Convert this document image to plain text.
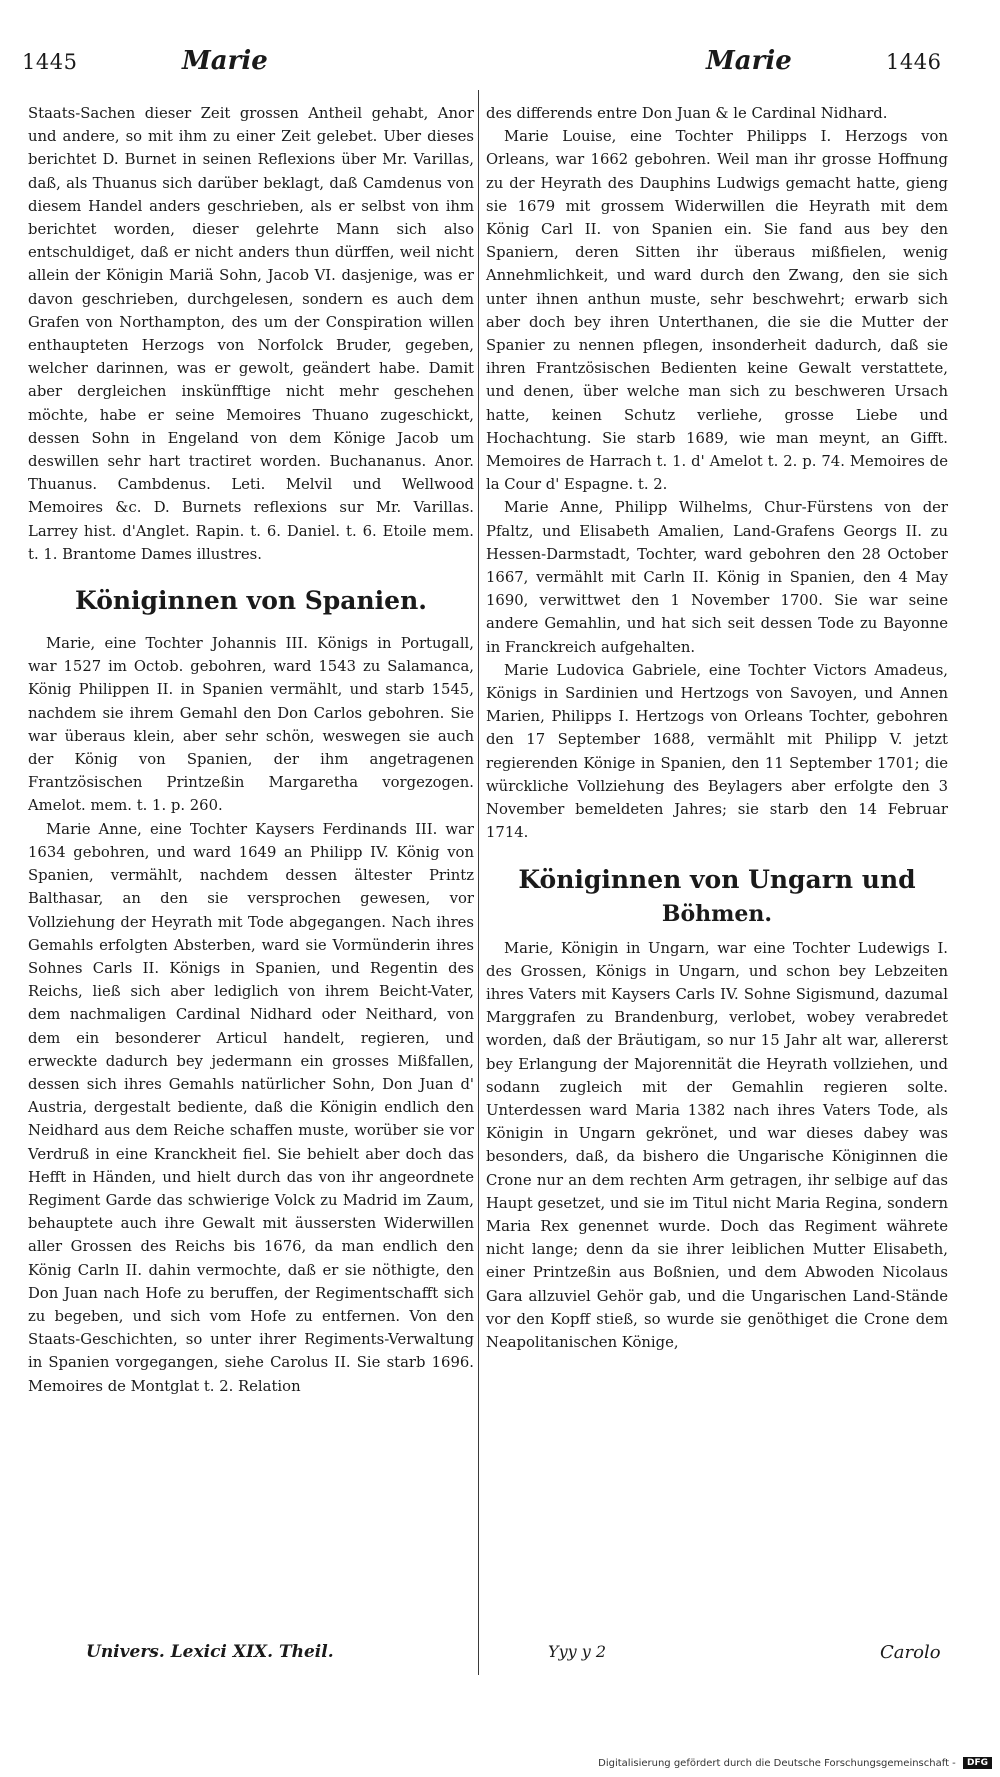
1445	Marie	Marie	1446

Staats-Sachen dieser Zeit grossen Antheil gehabt, Anor und andere, so mit ihm zu einer Zeit gelebet. Uber dieses berichtet D. Burnet in seinen Reflexions über Mr. Varillas, daß, als Thuanus sich darüber beklagt, daß Camdenus von diesem Handel anders geschrieben, als er selbst von ihm berichtet worden, dieser gelehrte Mann sich also entschuldiget, daß er nicht anders thun dürffen, weil nicht allein der Königin Mariä Sohn, Jacob VI. dasjenige, was er davon geschrieben, durchgelesen, sondern es auch dem Grafen von Northampton, des um der Conspiration willen enthaupteten Herzogs von Norfolck Bruder, gegeben, welcher darinnen, was er gewolt, geändert habe. Damit aber dergleichen inskünfftige nicht mehr geschehen möchte, habe er seine Memoires Thuano zugeschickt, dessen Sohn in Engeland von dem Könige Jacob um deswillen sehr hart tractiret worden. Buchananus. Anor. Thuanus. Cambdenus. Leti. Melvil und Wellwood Memoires &c. D. Burnets reflexions sur Mr. Varillas. Larrey hist. d'Anglet. Rapin. t. 6. Daniel. t. 6. Etoile mem. t. 1. Brantome Dames illustres.

Königinnen von Spanien.

Marie, eine Tochter Johannis III. Königs in Portugall, war 1527 im Octob. gebohren, ward 1543 zu Salamanca, König Philippen II. in Spanien vermählt, und starb 1545, nachdem sie ihrem Gemahl den Don Carlos gebohren. Sie war überaus klein, aber sehr schön, weswegen sie auch der König von Spanien, der ihm angetragenen Frantzösischen Printzeßin Margaretha vorgezogen. Amelot. mem. t. 1. p. 260.

Marie Anne, eine Tochter Kaysers Ferdinands III. war 1634 gebohren, und ward 1649 an Philipp IV. König von Spanien, vermählt, nachdem dessen ältester Printz Balthasar, an den sie versprochen gewesen, vor Vollziehung der Heyrath mit Tode abgegangen. Nach ihres Gemahls erfolgten Absterben, ward sie Vormünderin ihres Sohnes Carls II. Königs in Spanien, und Regentin des Reichs, ließ sich aber lediglich von ihrem Beicht-Vater, dem nachmaligen Cardinal Nidhard oder Neithard, von dem ein besonderer Articul handelt, regieren, und erweckte dadurch bey jedermann ein grosses Mißfallen, dessen sich ihres Gemahls natürlicher Sohn, Don Juan d' Austria, dergestalt bediente, daß die Königin endlich den Neidhard aus dem Reiche schaffen muste, worüber sie vor Verdruß in eine Kranckheit fiel. Sie behielt aber doch das Hefft in Händen, und hielt durch das von ihr angeordnete Regiment Garde das schwierige Volck zu Madrid im Zaum, behauptete auch ihre Gewalt mit äussersten Widerwillen aller Grossen des Reichs bis 1676, da man endlich den König Carln II. dahin vermochte, daß er sie nöthigte, den Don Juan nach Hofe zu beruffen, der Regimentschafft sich zu begeben, und sich vom Hofe zu entfernen. Von den Staats-Geschichten, so unter ihrer Regiments-Verwaltung in Spanien vorgegangen, siehe Carolus II. Sie starb 1696. Memoires de Montglat t. 2. Relation

des differends entre Don Juan & le Cardinal Nidhard.

Marie Louise, eine Tochter Philipps I. Herzogs von Orleans, war 1662 gebohren. Weil man ihr grosse Hoffnung zu der Heyrath des Dauphins Ludwigs gemacht hatte, gieng sie 1679 mit grossem Widerwillen die Heyrath mit dem König Carl II. von Spanien ein. Sie fand aus bey den Spaniern, deren Sitten ihr überaus mißfielen, wenig Annehmlichkeit, und ward durch den Zwang, den sie sich unter ihnen anthun muste, sehr beschwehrt; erwarb sich aber doch bey ihren Unterthanen, die sie die Mutter der Spanier zu nennen pflegen, insonderheit dadurch, daß sie ihren Frantzösischen Bedienten keine Gewalt verstattete, und denen, über welche man sich zu beschweren Ursach hatte, keinen Schutz verliehe, grosse Liebe und Hochachtung. Sie starb 1689, wie man meynt, an Gifft. Memoires de Harrach t. 1. d' Amelot t. 2. p. 74. Memoires de la Cour d' Espagne. t. 2.

Marie Anne, Philipp Wilhelms, Chur-Fürstens von der Pfaltz, und Elisabeth Amalien, Land-Grafens Georgs II. zu Hessen-Darmstadt, Tochter, ward gebohren den 28 October 1667, vermählt mit Carln II. König in Spanien, den 4 May 1690, verwittwet den 1 November 1700. Sie war seine andere Gemahlin, und hat sich seit dessen Tode zu Bayonne in Franckreich aufgehalten.

Marie Ludovica Gabriele, eine Tochter Victors Amadeus, Königs in Sardinien und Hertzogs von Savoyen, und Annen Marien, Philipps I. Hertzogs von Orleans Tochter, gebohren den 17 September 1688, vermählt mit Philipp V. jetzt regierenden Könige in Spanien, den 11 September 1701; die würckliche Vollziehung des Beylagers aber erfolgte den 3 November bemeldeten Jahres; sie starb den 14 Februar 1714.

Königinnen von Ungarn und
Böhmen.

Marie, Königin in Ungarn, war eine Tochter Ludewigs I. des Grossen, Königs in Ungarn, und schon bey Lebzeiten ihres Vaters mit Kaysers Carls IV. Sohne Sigismund, dazumal Marggrafen zu Brandenburg, verlobet, wobey verabredet worden, daß der Bräutigam, so nur 15 Jahr alt war, allererst bey Erlangung der Majorennität die Heyrath vollziehen, und sodann zugleich mit der Gemahlin regieren solte. Unterdessen ward Maria 1382 nach ihres Vaters Tode, als Königin in Ungarn gekrönet, und war dieses dabey was besonders, daß, da bishero die Ungarische Königinnen die Crone nur an dem rechten Arm getragen, ihr selbige auf das Haupt gesetzet, und sie im Titul nicht Maria Regina, sondern Maria Rex genennet wurde. Doch das Regiment währete nicht lange; denn da sie ihrer leiblichen Mutter Elisabeth, einer Printzeßin aus Boßnien, und dem Abwoden Nicolaus Gara allzuviel Gehör gab, und die Ungarischen Land-Stände vor den Kopff stieß, so wurde sie genöthiget die Crone dem Neapolitanischen Könige,

Univers. Lexici XIX. Theil.	Yyy y 2	Carolo
Digitalisierung gefördert durch die Deutsche Forschungsgemeinschaft - DFG
